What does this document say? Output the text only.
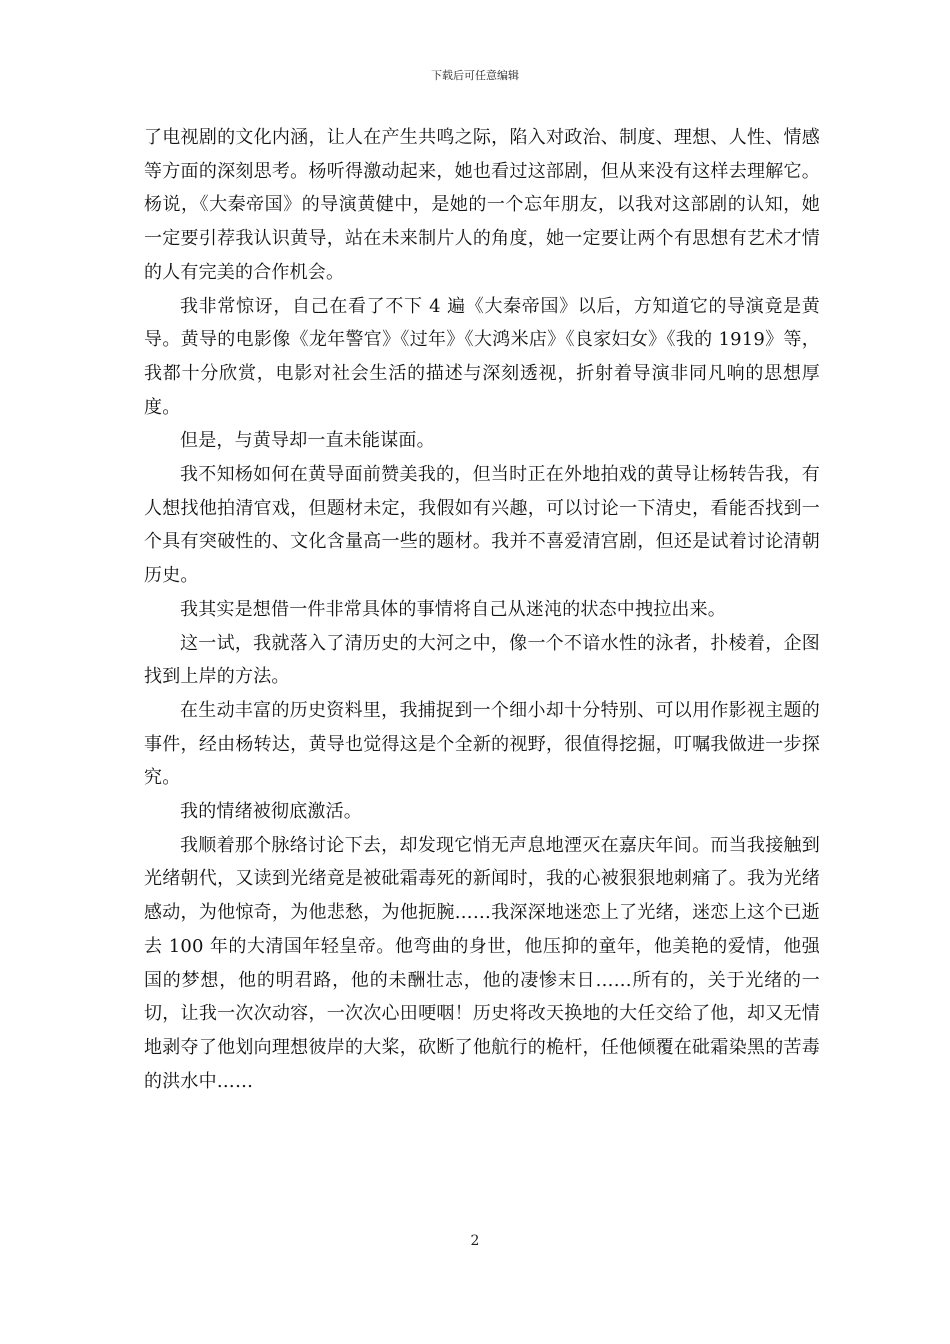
下载后可任意编辑

了电视剧的文化内涵，让人在产生共鸣之际，陷入对政治、制度、理想、人性、情感等方面的深刻思考。杨听得激动起来，她也看过这部剧，但从来没有这样去理解它。杨说，《大秦帝国》的导演黄健中，是她的一个忘年朋友，以我对这部剧的认知，她一定要引荐我认识黄导，站在未来制片人的角度，她一定要让两个有思想有艺术才情的人有完美的合作机会。

我非常惊讶，自己在看了不下 4 遍《大秦帝国》以后，方知道它的导演竟是黄导。黄导的电影像《龙年警官》《过年》《大鸿米店》《良家妇女》《我的 1919》等，我都十分欣赏，电影对社会生活的描述与深刻透视，折射着导演非同凡响的思想厚度。

但是，与黄导却一直未能谋面。

我不知杨如何在黄导面前赞美我的，但当时正在外地拍戏的黄导让杨转告我，有人想找他拍清官戏，但题材未定，我假如有兴趣，可以讨论一下清史，看能否找到一个具有突破性的、文化含量高一些的题材。我并不喜爱清宫剧，但还是试着讨论清朝历史。

我其实是想借一件非常具体的事情将自己从迷沌的状态中拽拉出来。

这一试，我就落入了清历史的大河之中，像一个不谙水性的泳者，扑棱着，企图找到上岸的方法。

在生动丰富的历史资料里，我捕捉到一个细小却十分特别、可以用作影视主题的事件，经由杨转达，黄导也觉得这是个全新的视野，很值得挖掘，叮嘱我做进一步探究。

我的情绪被彻底激活。

我顺着那个脉络讨论下去，却发现它悄无声息地湮灭在嘉庆年间。而当我接触到光绪朝代，又读到光绪竟是被砒霜毒死的新闻时，我的心被狠狠地刺痛了。我为光绪感动，为他惊奇，为他悲愁，为他扼腕……我深深地迷恋上了光绪，迷恋上这个已逝去 100 年的大清国年轻皇帝。他弯曲的身世，他压抑的童年，他美艳的爱情，他强国的梦想，他的明君路，他的未酬壮志，他的凄惨末日……所有的，关于光绪的一切，让我一次次动容，一次次心田哽咽！历史将改天换地的大任交给了他，却又无情地剥夺了他划向理想彼岸的大桨，砍断了他航行的桅杆，任他倾覆在砒霜染黑的苦毒的洪水中……

2
